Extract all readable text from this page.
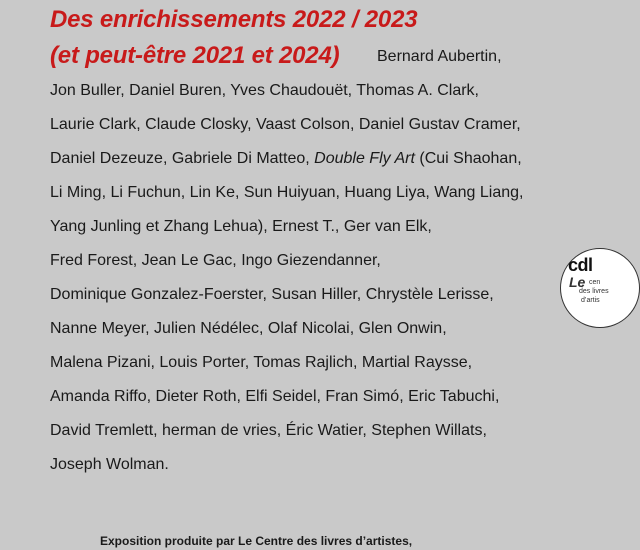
Des enrichissements 2022 / 2023
(et peut-être 2021 et 2024)	Bernard Aubertin,
Jon Buller, Daniel Buren, Yves Chaudouët, Thomas A. Clark,
Laurie Clark, Claude Closky, Vaast Colson, Daniel Gustav Cramer,
Daniel Dezeuze, Gabriele Di Matteo, Double Fly Art (Cui Shaohan,
Li Ming, Li Fuchun, Lin Ke, Sun Huiyuan, Huang Liya, Wang Liang,
Yang Junling et Zhang Lehua), Ernest T., Ger van Elk,
Fred Forest, Jean Le Gac, Ingo Giezendanner,
Dominique Gonzalez-Foerster, Susan Hiller, Chrystèle Lerisse,
Nanne Meyer, Julien Nédélec, Olaf Nicolai, Glen Onwin,
Malena Pizani, Louis Porter, Tomas Rajlich, Martial Raysse,
Amanda Riffo, Dieter Roth, Elfi Seidel, Fran Simó, Eric Tabuchi,
David Tremlett, herman de vries, Éric Watier, Stephen Willats,
Joseph Wolman.
cdl
Le cen
des livres
d’artis
Exposition produite par Le Centre des livres d’artistes,
